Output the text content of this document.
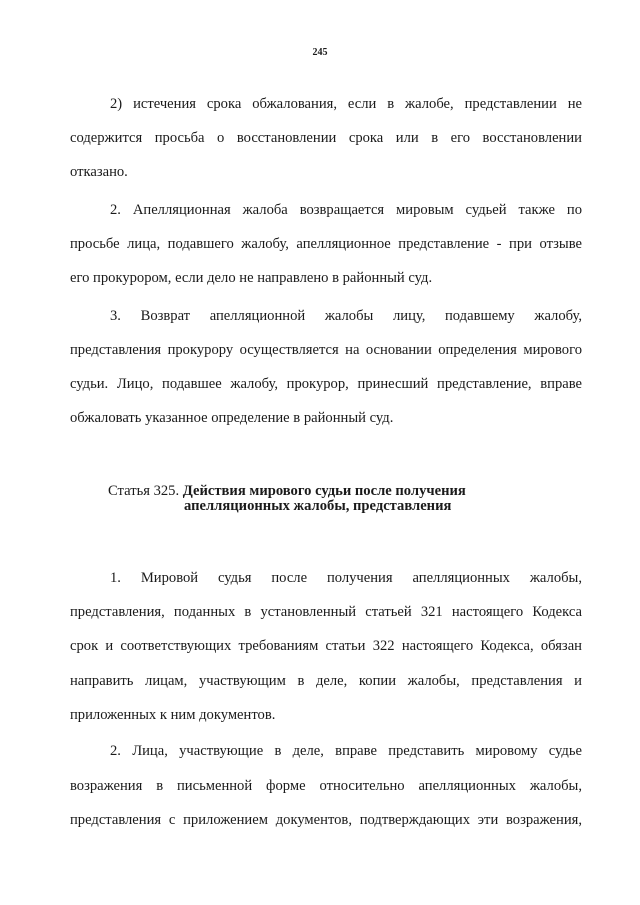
245
2) истечения срока обжалования, если в жалобе, представлении не
содержится просьба о восстановлении срока или в его восстановлении
отказано.
2. Апелляционная жалоба возвращается мировым судьей также по
просьбе лица, подавшего жалобу, апелляционное представление - при отзыве
его прокурором, если дело не направлено в районный суд.
3. Возврат апелляционной жалобы лицу, подавшему жалобу,
представления прокурору осуществляется на основании определения мирового
судьи. Лицо, подавшее жалобу, прокурор, принесший представление, вправе
обжаловать указанное определение в районный суд.
Статья 325. Действия мирового судьи после получения
апелляционных жалобы, представления
1. Мировой судья после получения апелляционных жалобы,
представления, поданных в установленный статьей 321 настоящего Кодекса
срок и соответствующих требованиям статьи 322 настоящего Кодекса, обязан
направить лицам, участвующим в деле, копии жалобы, представления и
приложенных к ним документов.
2. Лица, участвующие в деле, вправе представить мировому судье
возражения в письменной форме относительно апелляционных жалобы,
представления с приложением документов, подтверждающих эти возражения,
